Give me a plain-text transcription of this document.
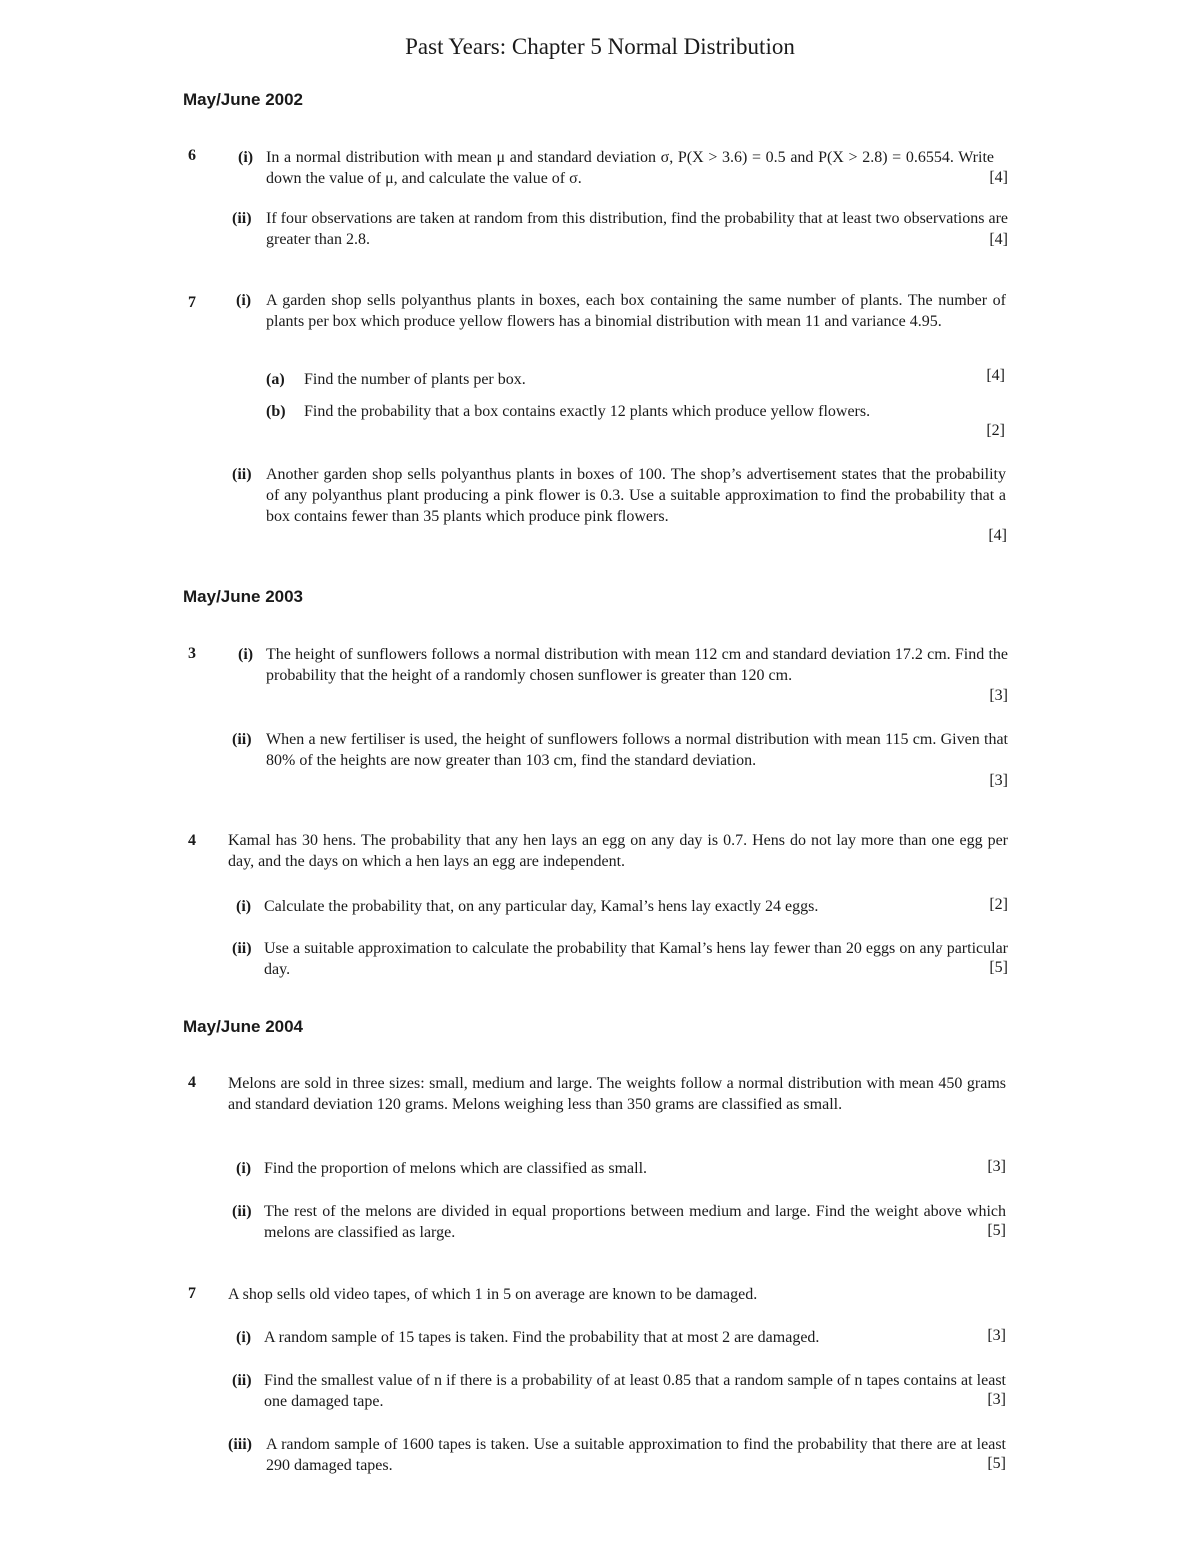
Past Years: Chapter 5 Normal Distribution
May/June 2002
6	(i) In a normal distribution with mean μ and standard deviation σ, P(X > 3.6) = 0.5 and P(X > 2.8) = 0.6554. Write down the value of μ, and calculate the value of σ.	[4]
(ii) If four observations are taken at random from this distribution, find the probability that at least two observations are greater than 2.8.	[4]
7	(i) A garden shop sells polyanthus plants in boxes, each box containing the same number of plants. The number of plants per box which produce yellow flowers has a binomial distribution with mean 11 and variance 4.95.
(a) Find the number of plants per box.	[4]
(b) Find the probability that a box contains exactly 12 plants which produce yellow flowers.
[2]
(ii) Another garden shop sells polyanthus plants in boxes of 100. The shop’s advertisement states that the probability of any polyanthus plant producing a pink flower is 0.3. Use a suitable approximation to find the probability that a box contains fewer than 35 plants which produce pink flowers.
[4]
May/June 2003
3	(i) The height of sunflowers follows a normal distribution with mean 112 cm and standard deviation 17.2 cm. Find the probability that the height of a randomly chosen sunflower is greater than 120 cm.
[3]
(ii) When a new fertiliser is used, the height of sunflowers follows a normal distribution with mean 115 cm. Given that 80% of the heights are now greater than 103 cm, find the standard deviation.
[3]
4 Kamal has 30 hens. The probability that any hen lays an egg on any day is 0.7. Hens do not lay more than one egg per day, and the days on which a hen lays an egg are independent.
(i) Calculate the probability that, on any particular day, Kamal’s hens lay exactly 24 eggs.	[2]
(ii) Use a suitable approximation to calculate the probability that Kamal’s hens lay fewer than 20 eggs on any particular day.	[5]
May/June 2004
4 Melons are sold in three sizes: small, medium and large. The weights follow a normal distribution with mean 450 grams and standard deviation 120 grams. Melons weighing less than 350 grams are classified as small.
(i) Find the proportion of melons which are classified as small.	[3]
(ii) The rest of the melons are divided in equal proportions between medium and large. Find the weight above which melons are classified as large.	[5]
7 A shop sells old video tapes, of which 1 in 5 on average are known to be damaged.
(i) A random sample of 15 tapes is taken. Find the probability that at most 2 are damaged.	[3]
(ii) Find the smallest value of n if there is a probability of at least 0.85 that a random sample of n tapes contains at least one damaged tape.	[3]
(iii) A random sample of 1600 tapes is taken. Use a suitable approximation to find the probability that there are at least 290 damaged tapes.	[5]
